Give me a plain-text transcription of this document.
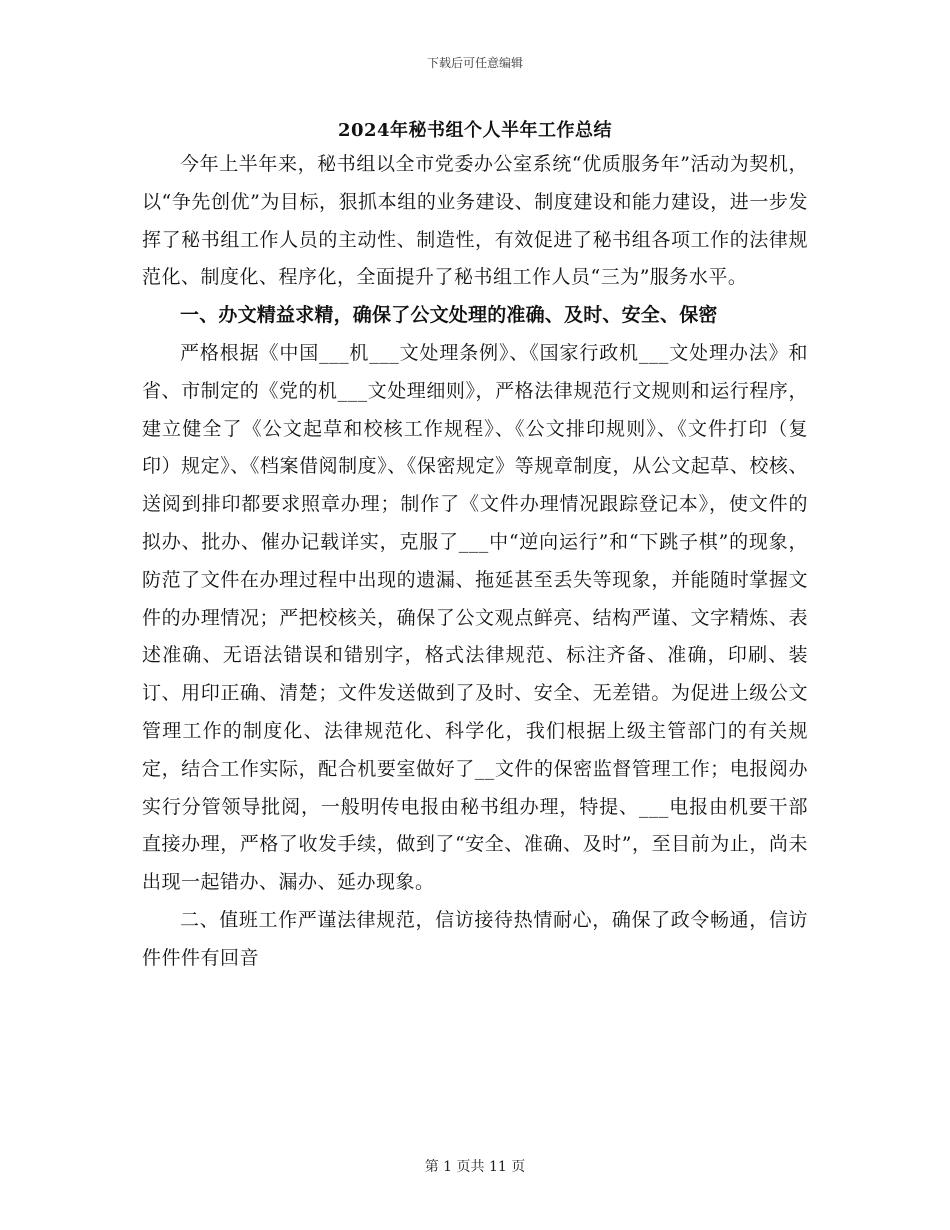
下载后可任意编辑
2024年秘书组个人半年工作总结

今年上半年来，秘书组以全市党委办公室系统“优质服务年”活动为契机，以“争先创优”为目标，狠抓本组的业务建设、制度建设和能力建设，进一步发挥了秘书组工作人员的主动性、制造性，有效促进了秘书组各项工作的法律规范化、制度化、程序化，全面提升了秘书组工作人员“三为”服务水平。

一、办文精益求精，确保了公文处理的准确、及时、安全、保密

严格根据《中国___机___文处理条例》、《国家行政机___文处理办法》和省、市制定的《党的机___文处理细则》，严格法律规范行文规则和运行程序，建立健全了《公文起草和校核工作规程》、《公文排印规则》、《文件打印（复印）规定》、《档案借阅制度》、《保密规定》等规章制度，从公文起草、校核、送阅到排印都要求照章办理；制作了《文件办理情况跟踪登记本》，使文件的拟办、批办、催办记载详实，克服了___中“逆向运行”和“下跳子棋”的现象，防范了文件在办理过程中出现的遗漏、拖延甚至丢失等现象，并能随时掌握文件的办理情况；严把校核关，确保了公文观点鲜亮、结构严谨、文字精炼、表述准确、无语法错误和错别字，格式法律规范、标注齐备、准确，印刷、装订、用印正确、清楚；文件发送做到了及时、安全、无差错。为促进上级公文管理工作的制度化、法律规范化、科学化，我们根据上级主管部门的有关规定，结合工作实际，配合机要室做好了__文件的保密监督管理工作；电报阅办实行分管领导批阅，一般明传电报由秘书组办理，特提、___电报由机要干部直接办理，严格了收发手续，做到了“安全、准确、及时”，至目前为止，尚未出现一起错办、漏办、延办现象。

二、值班工作严谨法律规范，信访接待热情耐心，确保了政令畅通，信访件件件有回音

第 1 页共 11 页
